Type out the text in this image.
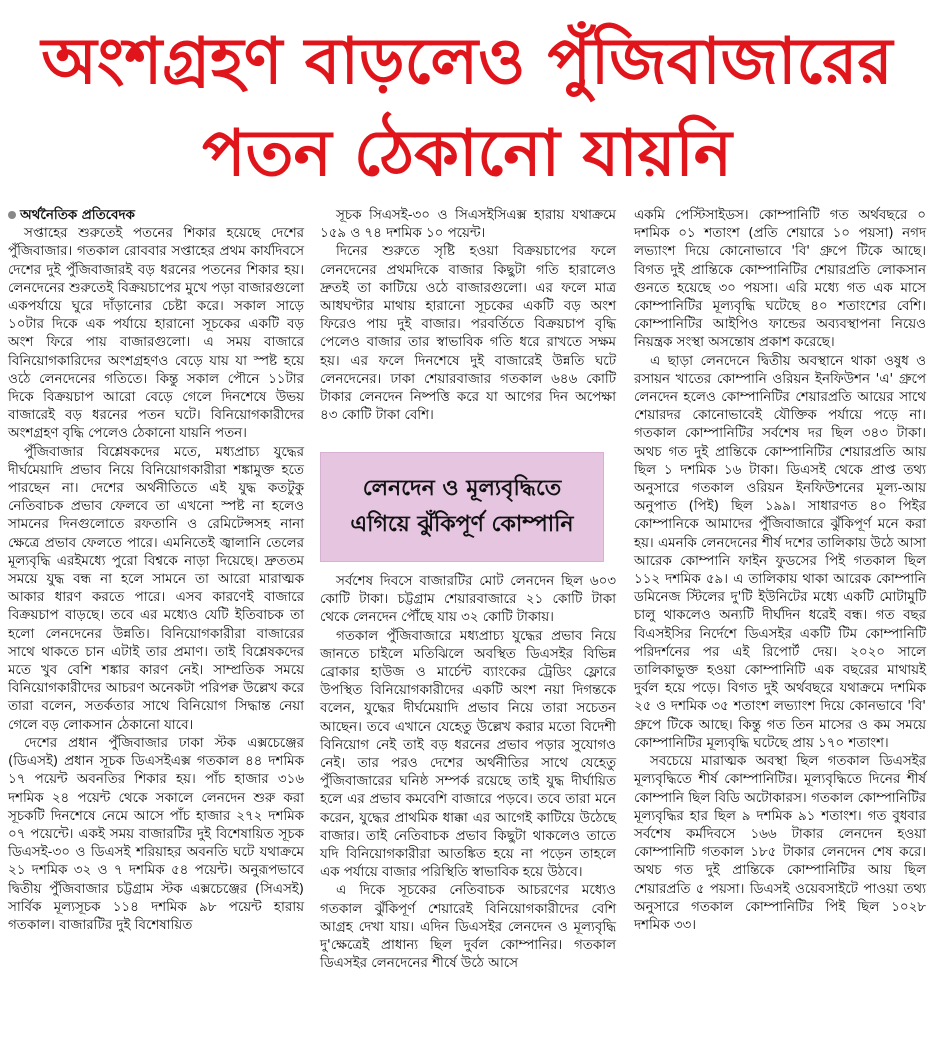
অংশগ্রহণ বাড়লেও পুঁজিবাজারের
পতন ঠেকানো যায়নি

অর্থনৈতিক প্রতিবেদক

সপ্তাহের শুরুতেই পতনের শিকার হয়েছে দেশের পুঁজিবাজার। গতকাল রোববার সপ্তাহের প্রথম কার্যদিবসে দেশের দুই পুঁজিবাজারই বড় ধরনের পতনের শিকার হয়। লেনদেনের শুরুতেই বিক্রয়চাপের মুখে পড়া বাজারগুলো একপর্যায়ে ঘুরে দাঁড়ানোর চেষ্টা করে। সকাল সাড়ে ১০টার দিকে এক পর্যায়ে হারানো সূচকের একটি বড় অংশ ফিরে পায় বাজারগুলো। এ সময় বাজারে বিনিয়োগকারিদের অংশগ্রহণও বেড়ে যায় যা স্পষ্ট হয়ে ওঠে লেনদেনের গতিতে। কিন্তু সকাল পৌনে ১১টার দিকে বিক্রয়চাপ আরো বেড়ে গেলে দিনশেষে উভয় বাজারেই বড় ধরনের পতন ঘটে। বিনিয়োগকারীদের অংশগ্রহণ বৃদ্ধি পেলেও ঠেকানো যায়নি পতন।

পুঁজিবাজার বিশ্লেষকদের মতে, মধ্যপ্রাচ্য যুদ্ধের দীর্ঘমেয়াদি প্রভাব নিয়ে বিনিয়োগকারীরা শঙ্কামুক্ত হতে পারছেন না। দেশের অর্থনীতিতে এই যুদ্ধ কতটুকু নেতিবাচক প্রভাব ফেলবে তা এখনো স্পষ্ট না হলেও সামনের দিনগুলোতে রফতানি ও রেমিটেন্সসহ নানা ক্ষেত্রে প্রভাব ফেলতে পারে। এমনিতেই জ্বালানি তেলের মূল্যবৃদ্ধি এরইমধ্যে পুরো বিশ্বকে নাড়া দিয়েছে। দ্রুততম সময়ে যুদ্ধ বন্ধ না হলে সামনে তা আরো মারাত্মক আকার ধারণ করতে পারে। এসব কারণেই বাজারে বিক্রয়চাপ বাড়ছে। তবে এর মধ্যেও যেটি ইতিবাচক তা হলো লেনদেনের উন্নতি। বিনিয়োগকারীরা বাজারের সাথে থাকতে চান এটাই তার প্রমাণ। তাই বিশ্লেষকদের মতে খুব বেশি শঙ্কার কারণ নেই। সাম্প্রতিক সময়ে বিনিয়োগকারীদের আচরণ অনেকটা পরিপক্ব উল্লেখ করে তারা বলেন, সতর্কতার সাথে বিনিয়োগ সিদ্ধান্ত নেয়া গেলে বড় লোকসান ঠেকানো যাবে।

দেশের প্রধান পুঁজিবাজার ঢাকা স্টক এক্সচেঞ্জের (ডিএসই) প্রধান সূচক ডিএসইএক্স গতকাল ৪৪ দশমিক ১৭ পয়েন্ট অবনতির শিকার হয়। পাঁচ হাজার ৩১৬ দশমিক ২৪ পয়েন্ট থেকে সকালে লেনদেন শুরু করা সূচকটি দিনশেষে নেমে আসে পাঁচ হাজার ২৭২ দশমিক ০৭ পয়েন্টে। একই সময় বাজারটির দুই বিশেষায়িত সূচক ডিএসই-৩০ ও ডিএসই শরিয়াহর অবনতি ঘটে যথাক্রমে ২১ দশমিক ৩২ ও ৭ দশমিক ৫৪ পয়েন্ট। অনুরূপভাবে দ্বিতীয় পুঁজিবাজার চট্টগ্রাম স্টক এক্সচেঞ্জের (সিএসই) সার্বিক মূল্যসূচক ১১৪ দশমিক ৯৮ পয়েন্ট হারায় গতকাল। বাজারটির দুই বিশেষায়িত

সূচক সিএসই-৩০ ও সিএসইসিএক্স হারায় যথাক্রমে ১৫৯ ও ৭৪ দশমিক ১০ পয়েন্ট।

দিনের শুরুতে সৃষ্টি হওয়া বিক্রয়চাপের ফলে লেনদেনের প্রথমদিকে বাজার কিছুটা গতি হারালেও দ্রুতই তা কাটিয়ে ওঠে বাজারগুলো। এর ফলে মাত্র আধঘণ্টার মাথায় হারানো সূচকের একটি বড় অংশ ফিরেও পায় দুই বাজার। পরবর্তিতে বিক্রয়চাপ বৃদ্ধি পেলেও বাজার তার স্বাভাবিক গতি ধরে রাখতে সক্ষম হয়। এর ফলে দিনশেষে দুই বাজারেই উন্নতি ঘটে লেনদেনের। ঢাকা শেয়ারবাজার গতকাল ৬৪৬ কোটি টাকার লেনদেন নিষ্পত্তি করে যা আগের দিন অপেক্ষা ৪৩ কোটি টাকা বেশি।

সর্বশেষ দিবসে বাজারটির মোট লেনদেন ছিল ৬০৩ কোটি টাকা। চট্টগ্রাম শেয়ারবাজারে ২১ কোটি টাকা থেকে লেনদেন পৌঁছে যায় ৩২ কোটি টাকায়।

গতকাল পুঁজিবাজারে মধ্যপ্রাচ্য যুদ্ধের প্রভাব নিয়ে জানতে চাইলে মতিঝিলে অবস্থিত ডিএসইর বিভিন্ন ব্রোকার হাউজ ও মার্চেন্ট ব্যাংকের ট্রেডিং ফ্লোরে উপস্থিত বিনিয়োগকারীদের একটি অংশ নয়া দিগন্তকে বলেন, যুদ্ধের দীর্ঘমেয়াদি প্রভাব নিয়ে তারা সচেতন আছেন। তবে এখানে যেহেতু উল্লেখ করার মতো বিদেশী বিনিয়োগ নেই তাই বড় ধরনের প্রভাব পড়ার সুযোগও নেই। তার পরও দেশের অর্থনীতির সাথে যেহেতু পুঁজিবাজারের ঘনিষ্ঠ সম্পর্ক রয়েছে তাই যুদ্ধ দীর্ঘায়িত হলে এর প্রভাব কমবেশি বাজারে পড়বে। তবে তারা মনে করেন, যুদ্ধের প্রাথমিক ধাক্কা এর আগেই কাটিয়ে উঠেছে বাজার। তাই নেতিবাচক প্রভাব কিছুটা থাকলেও তাতে যদি বিনিয়োগকারীরা আতঙ্কিত হয়ে না পড়েন তাহলে এক পর্যায়ে বাজার পরিস্থিতি স্বাভাবিক হয়ে উঠবে।

এ দিকে সূচকের নেতিবাচক আচরণের মধ্যেও গতকাল ঝুঁকিপূর্ণ শেয়ারেই বিনিয়োগকারীদের বেশি আগ্রহ দেখা যায়। এদিন ডিএসইর লেনদেন ও মূল্যবৃদ্ধি দু'ক্ষেত্রেই প্রাধান্য ছিল দুর্বল কোম্পানির। গতকাল ডিএসইর লেনদেনের শীর্ষে উঠে আসে

লেনদেন ও মূল্যবৃদ্ধিতে
এগিয়ে ঝুঁকিপূর্ণ কোম্পানি

একমি পেস্টিসাইডস। কোম্পানিটি গত অর্থবছরে ০ দশমিক ০১ শতাংশ (প্রতি শেয়ারে ১০ পয়সা) নগদ লভ্যাংশ দিয়ে কোনোভাবে 'বি' গ্রুপে টিকে আছে। বিগত দুই প্রান্তিকে কোম্পানিটির শেয়ারপ্রতি লোকসান গুনতে হয়েছে ৩০ পয়সা। এরি মধ্যে গত এক মাসে কোম্পানিটির মূল্যবৃদ্ধি ঘটেছে ৪০ শতাংশের বেশি। কোম্পানিটির আইপিও ফান্ডের অব্যবস্থাপনা নিয়েও নিয়ন্ত্রক সংস্থা অসন্তোষ প্রকাশ করেছে।

এ ছাড়া লেনদেনে দ্বিতীয় অবস্থানে থাকা ওষুধ ও রসায়ন খাতের কোম্পানি ওরিয়ন ইনফিউশন 'এ' গ্রুপে লেনদেন হলেও কোম্পানিটির শেয়ারপ্রতি আয়ের সাথে শেয়ারদর কোনোভাবেই যৌক্তিক পর্যায়ে পড়ে না। গতকাল কোম্পানিটির সর্বশেষ দর ছিল ৩৪৩ টাকা। অথচ গত দুই প্রান্তিকে কোম্পানিটির শেয়ারপ্রতি আয় ছিল ১ দশমিক ১৬ টাকা। ডিএসই থেকে প্রাপ্ত তথ্য অনুসারে গতকাল ওরিয়ন ইনফিউশনের মূল্য-আয় অনুপাত (পিই) ছিল ১৯৯। সাধারণত ৪০ পিইর কোম্পানিকে আমাদের পুঁজিবাজারে ঝুঁকিপূর্ণ মনে করা হয়। এমনকি লেনদেনের শীর্ষ দশের তালিকায় উঠে আসা আরেক কোম্পানি ফাইন ফুডসের পিই গতকাল ছিল ১১২ দশমিক ৫৯। এ তালিকায় থাকা আরেক কোম্পানি ডমিনেজ স্টিলের দু'টি ইউনিটের মধ্যে একটি মোটামুটি চালু থাকলেও অন্যটি দীর্ঘদিন ধরেই বন্ধ। গত বছর বিএসইসির নির্দেশে ডিএসইর একটি টিম কোম্পানিটি পরিদর্শনের পর এই রিপোর্ট দেয়। ২০২০ সালে তালিকাভুক্ত হওয়া কোম্পানিটি এক বছরের মাথায়ই দুর্বল হয়ে পড়ে। বিগত দুই অর্থবছরে যথাক্রমে দশমিক ২৫ ও দশমিক ৩৫ শতাংশ লভ্যাংশ দিয়ে কোনভাবে 'বি' গ্রুপে টিকে আছে। কিন্তু গত তিন মাসের ও কম সময়ে কোম্পানিটির মূল্যবৃদ্ধি ঘটেছে প্রায় ১৭০ শতাংশ।

সবচেয়ে মারাত্মক অবস্থা ছিল গতকাল ডিএসইর মূল্যবৃদ্ধিতে শীর্ষ কোম্পানিটির। মূল্যবৃদ্ধিতে দিনের শীর্ষ কোম্পানি ছিল বিডি অটোকারস। গতকাল কোম্পানিটির মূল্যবৃদ্ধির হার ছিল ৯ দশমিক ৯১ শতাংশ। গত বুধবার সর্বশেষ কর্মদিবসে ১৬৬ টাকার লেনদেন হওয়া কোম্পানিটি গতকাল ১৮৫ টাকার লেনদেন শেষ করে। অথচ গত দুই প্রান্তিকে কোম্পানিটির আয় ছিল শেয়ারপ্রতি ৫ পয়সা। ডিএসই ওয়েবসাইটে পাওয়া তথ্য অনুসারে গতকাল কোম্পানিটির পিই ছিল ১০২৮ দশমিক ৩৩।
